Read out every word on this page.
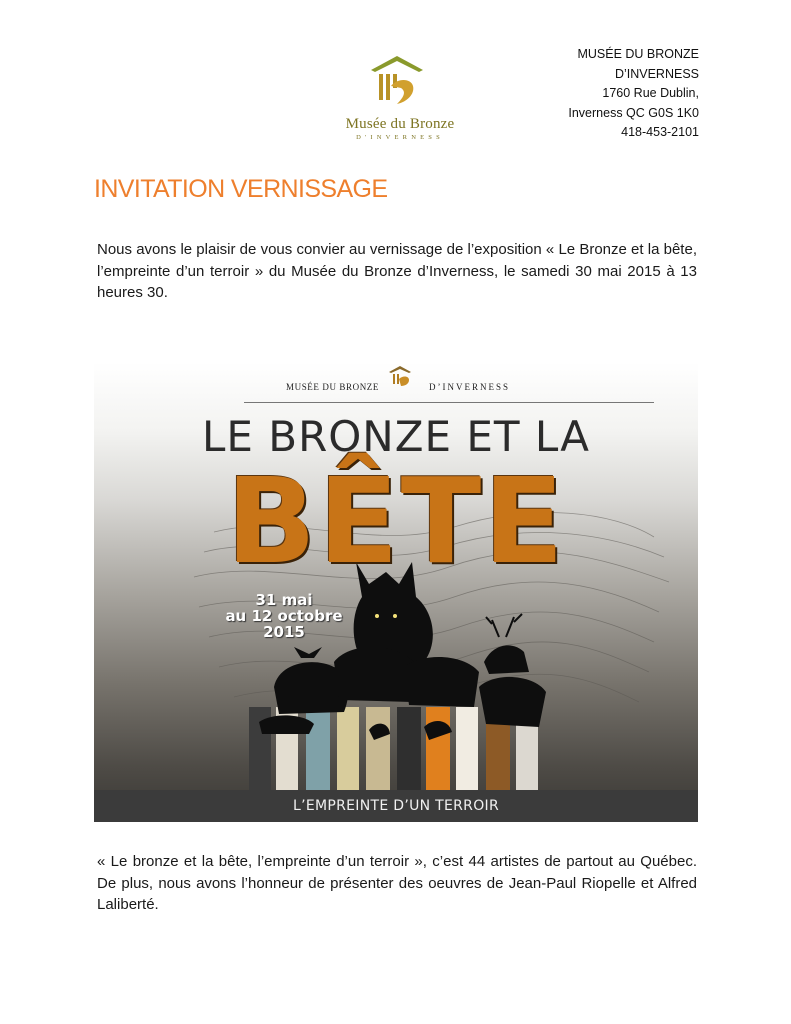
Musée du Bronze
D'INVERNESS
MUSÉE DU BRONZE
D’INVERNESS
1760 Rue Dublin,
Inverness QC G0S 1K0
418-453-2101
INVITATION VERNISSAGE

Nous avons le plaisir de vous convier au vernissage de l’exposition « Le Bronze et la bête, l’empreinte d’un terroir » du Musée du Bronze d’Inverness, le samedi 30 mai 2015 à 13 heures 30.

MUSÉE DU BRONZE	D’INVERNESS
LE BRONZE ET LA
BÊTE
31 mai
au 12 octobre
2015
L’EMPREINTE D’UN TERROIR

« Le bronze et la bête, l’empreinte d’un terroir », c’est 44 artistes de partout au Québec. De plus, nous avons l’honneur de présenter des oeuvres de Jean-Paul Riopelle et Alfred Laliberté.
